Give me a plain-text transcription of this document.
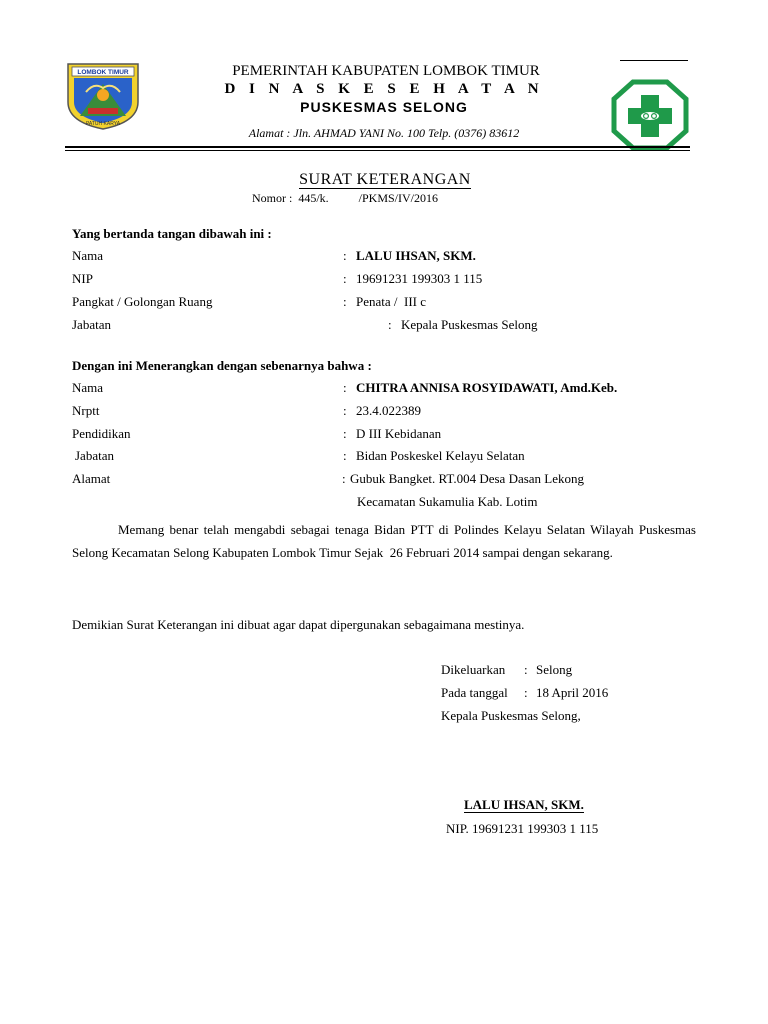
LOMBOK TIMUR
PATUH KARYA
PEMERINTAH KABUPATEN LOMBOK TIMUR
D I N A S K E S E H A T A N
PUSKESMAS SELONG
Alamat : Jln. AHMAD YANI No. 100 Telp. (0376) 83612
SURAT KETERANGAN
Nomor :  445/k.          /PKMS/IV/2016
Yang bertanda tangan dibawah ini :
Nama	: LALU IHSAN, SKM.
NIP	: 19691231 199303 1 115
Pangkat / Golongan Ruang	: Penata /  III c
Jabatan	: Kepala Puskesmas Selong
Dengan ini Menerangkan dengan sebenarnya bahwa :
Nama	: CHITRA ANNISA ROSYIDAWATI, Amd.Keb.
Nrptt	: 23.4.022389
Pendidikan	: D III Kebidanan
Jabatan	: Bidan Poskeskel Kelayu Selatan
Alamat	: Gubuk Bangket. RT.004 Desa Dasan Lekong
Kecamatan Sukamulia Kab. Lotim
Memang benar telah mengabdi sebagai tenaga Bidan PTT di Polindes Kelayu Selatan Wilayah Puskesmas Selong Kecamatan Selong Kabupaten Lombok Timur Sejak  26 Februari 2014 sampai dengan sekarang.
Demikian Surat Keterangan ini dibuat agar dapat dipergunakan sebagaimana mestinya.
Dikeluarkan : Selong
Pada tanggal : 18 April 2016
Kepala Puskesmas Selong,
LALU IHSAN, SKM.
NIP. 19691231 199303 1 115
